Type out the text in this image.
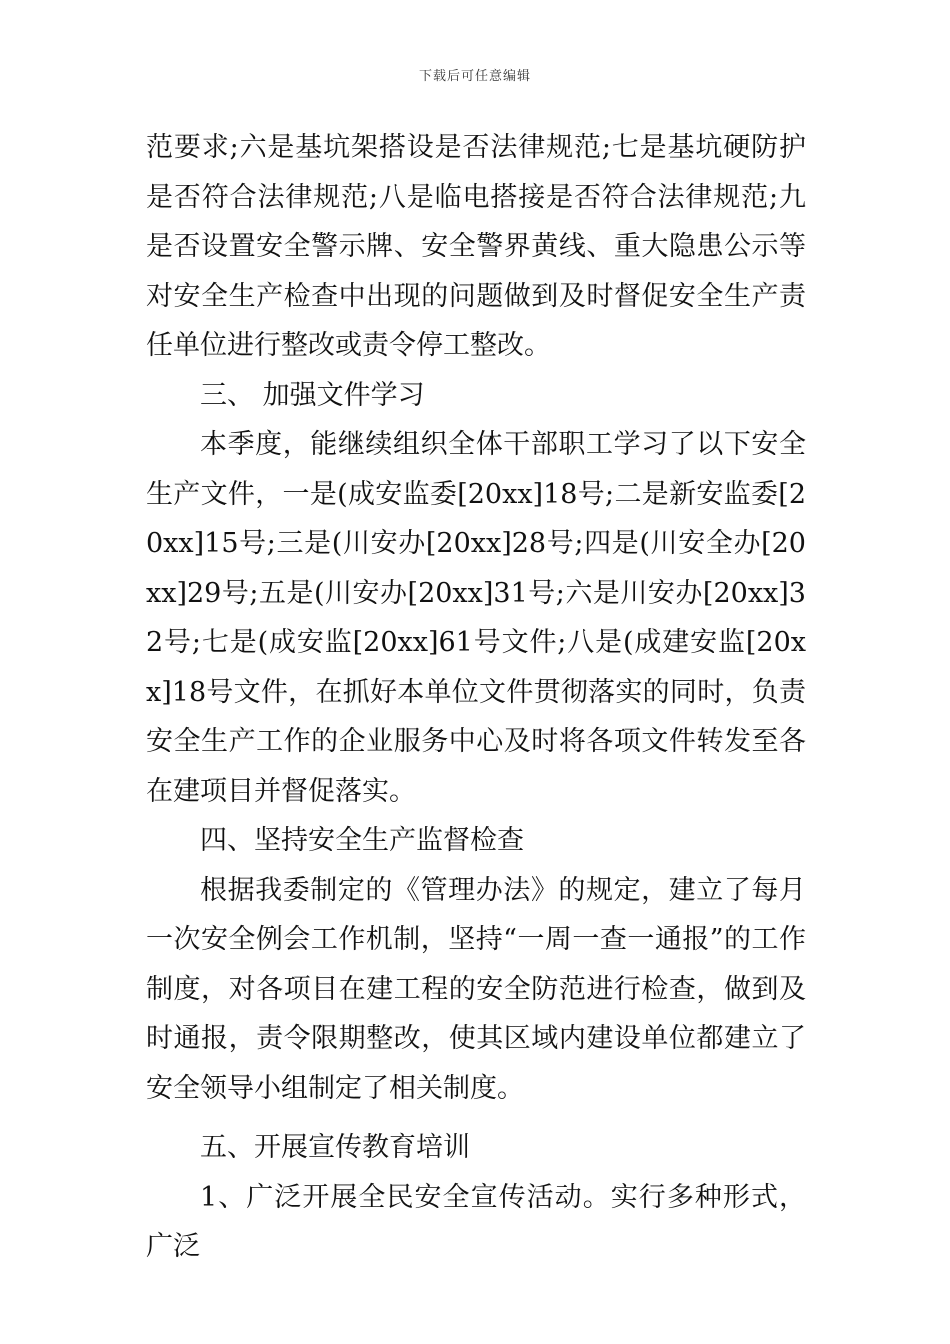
下载后可任意编辑

范要求;六是基坑架搭设是否法律规范;七是基坑硬防护是否符合法律规范;八是临电搭接是否符合法律规范;九是否设置安全警示牌、安全警界黄线、重大隐患公示等对安全生产检查中出现的问题做到及时督促安全生产责任单位进行整改或责令停工整改。

三、 加强文件学习

本季度，能继续组织全体干部职工学习了以下安全生产文件，一是(成安监委[20xx]18号;二是新安监委[20xx]15号;三是(川安办[20xx]28号;四是(川安全办[20xx]29号;五是(川安办[20xx]31号;六是川安办[20xx]32号;七是(成安监[20xx]61号文件;八是(成建安监[20xx]18号文件，在抓好本单位文件贯彻落实的同时，负责安全生产工作的企业服务中心及时将各项文件转发至各在建项目并督促落实。

四、坚持安全生产监督检查

根据我委制定的《管理办法》的规定，建立了每月一次安全例会工作机制，坚持“一周一查一通报”的工作制度，对各项目在建工程的安全防范进行检查，做到及时通报，责令限期整改，使其区域内建设单位都建立了安全领导小组制定了相关制度。

五、开展宣传教育培训

1、广泛开展全民安全宣传活动。实行多种形式，广泛
